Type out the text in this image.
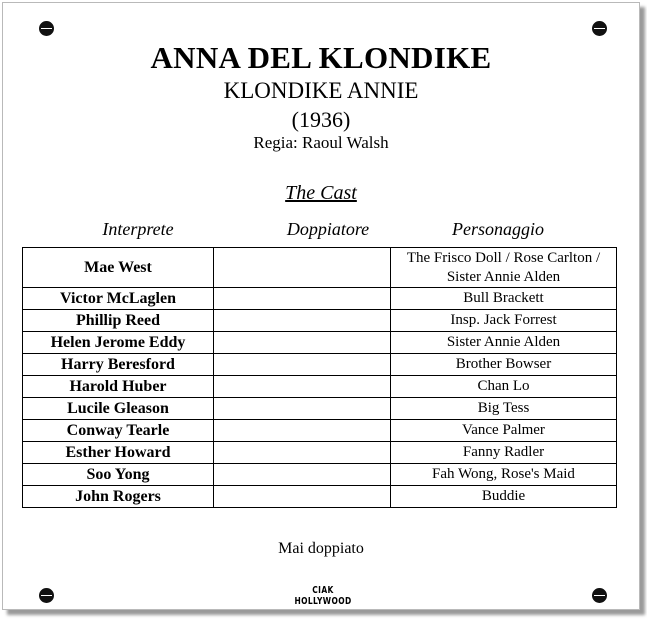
ANNA DEL KLONDIKE
KLONDIKE ANNIE
(1936)
Regia: Raoul Walsh
The Cast
Interprete	Doppiatore	Personaggio
Mae West		The Frisco Doll / Rose Carlton / Sister Annie Alden
Victor McLaglen		Bull Brackett
Phillip Reed		Insp. Jack Forrest
Helen Jerome Eddy		Sister Annie Alden
Harry Beresford		Brother Bowser
Harold Huber		Chan Lo
Lucile Gleason		Big Tess
Conway Tearle		Vance Palmer
Esther Howard		Fanny Radler
Soo Yong		Fah Wong, Rose's Maid
John Rogers		Buddie
Mai doppiato
CIAK HOLLYWOOD
